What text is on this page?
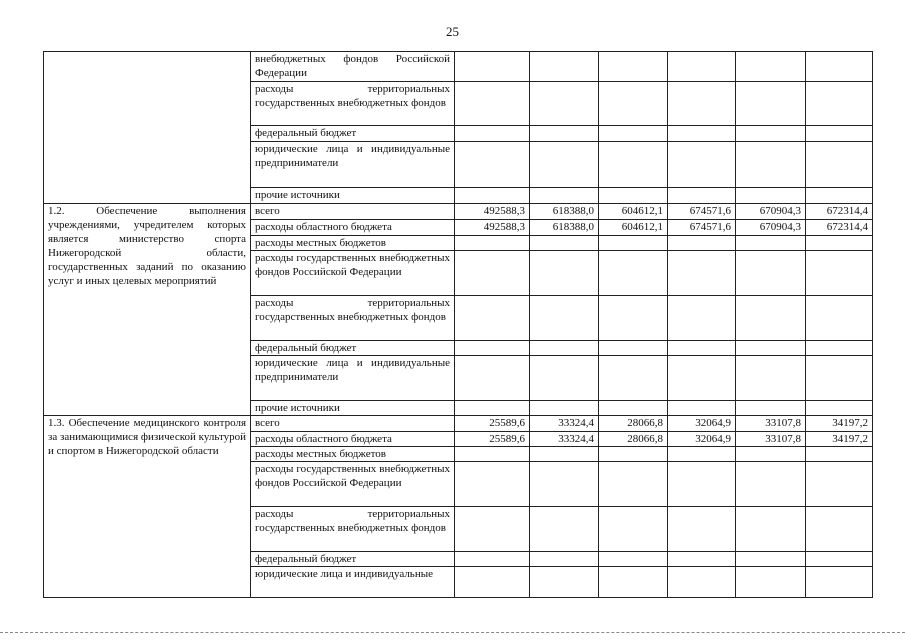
25
	внебюджетных фондов Российской Федерации						
	расходы территориальных государственных внебюджетных фондов						
	федеральный бюджет						
	юридические лица и индивидуальные предприниматели						
	прочие источники						
1.2. Обеспечение выполнения учреждениями, учредителем которых является министерство спорта Нижегородской области, государственных заданий по оказанию услуг и иных целевых мероприятий	всего	492588,3	618388,0	604612,1	674571,6	670904,3	672314,4
	расходы областного бюджета	492588,3	618388,0	604612,1	674571,6	670904,3	672314,4
	расходы местных бюджетов						
	расходы государственных внебюджетных фондов Российской Федерации						
	расходы территориальных государственных внебюджетных фондов						
	федеральный бюджет						
	юридические лица и индивидуальные предприниматели						
	прочие источники						
1.3. Обеспечение медицинского контроля за занимающимися физической культурой и спортом в Нижегородской области	всего	25589,6	33324,4	28066,8	32064,9	33107,8	34197,2
	расходы областного бюджета	25589,6	33324,4	28066,8	32064,9	33107,8	34197,2
	расходы местных бюджетов						
	расходы государственных внебюджетных фондов Российской Федерации						
	расходы территориальных государственных внебюджетных фондов						
	федеральный бюджет						
	юридические лица и индивидуальные						
